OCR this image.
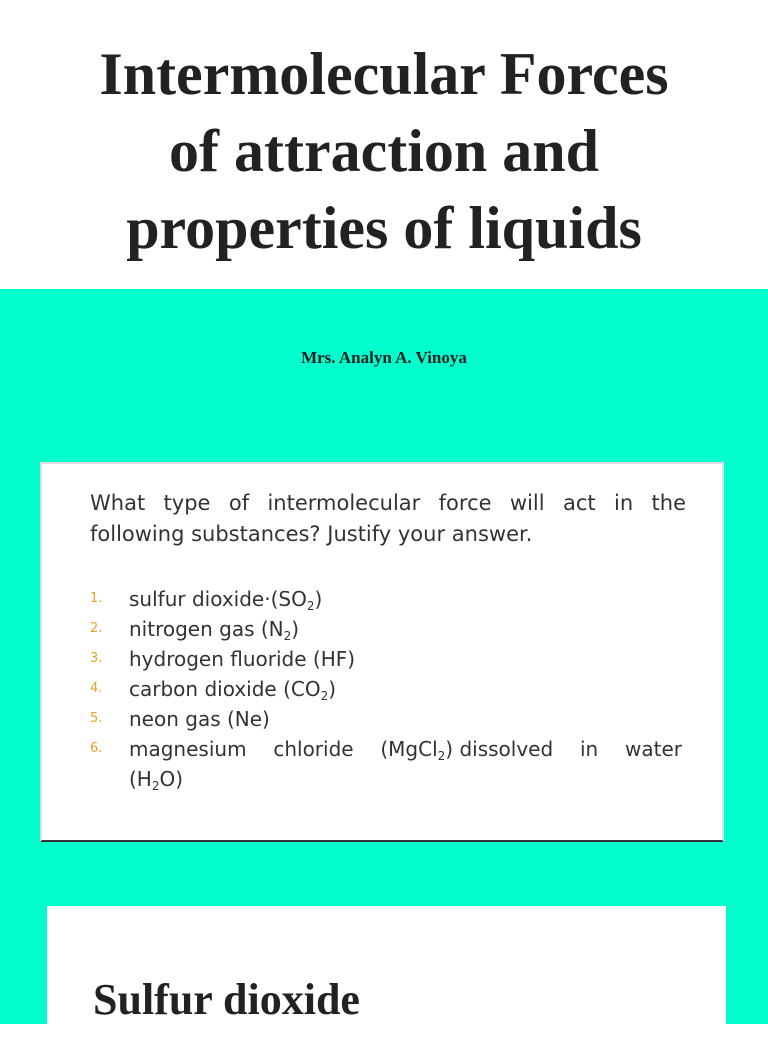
Intermolecular Forces
of attraction and
properties of liquids
Mrs. Analyn A. Vinoya

What type of intermolecular force will act in the following substances? Justify your answer.

1. sulfur $dioxide\cdot(SO_2)$
2. nitrogen gas $(N_2)$
3. hydrogen fluoride (HF)
4. carbon dioxide $(CO_2)$
5. neon gas (Ne)
6. magnesium chloride (MgCl$_2$) dissolved in water
$(H_2O)$
Sulfur dioxide
